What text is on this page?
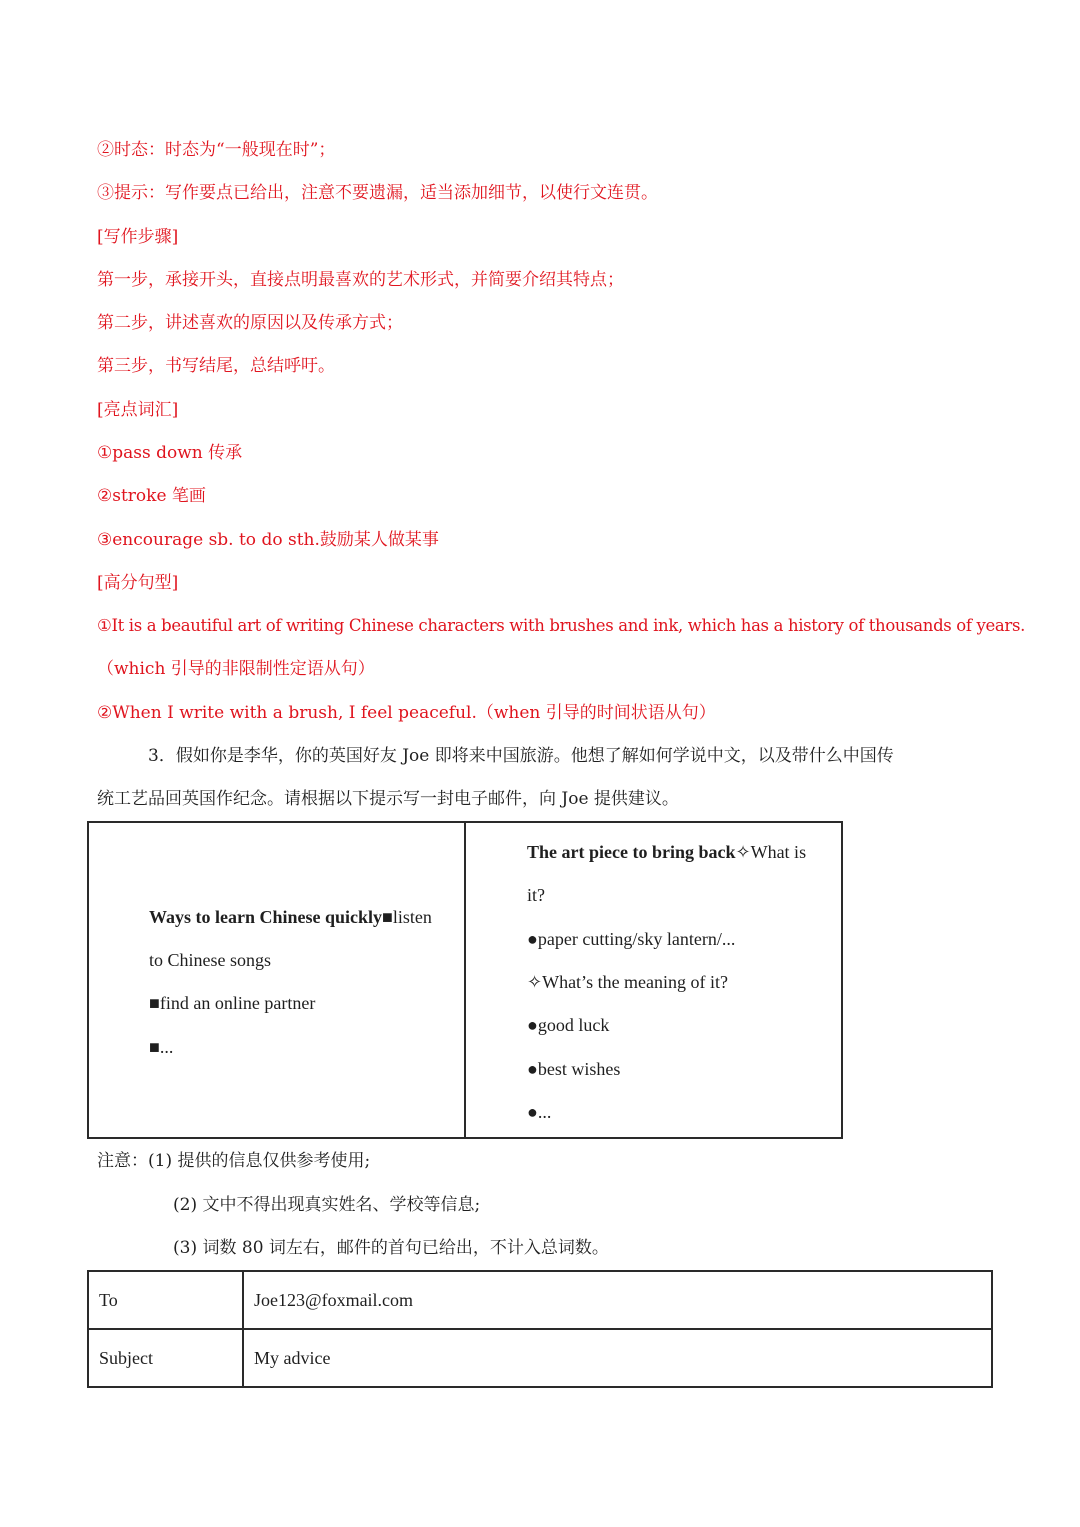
②时态：时态为“一般现在时”；
③提示：写作要点已给出，注意不要遗漏，适当添加细节，以使行文连贯。
[写作步骤]
第一步，承接开头，直接点明最喜欢的艺术形式，并简要介绍其特点；
第二步，讲述喜欢的原因以及传承方式；
第三步，书写结尾，总结呼吁。
[亮点词汇]
①pass down 传承
②stroke 笔画
③encourage sb. to do sth.鼓励某人做某事
[高分句型]
①It is a beautiful art of writing Chinese characters with brushes and ink, which has a history of thousands of years.
（which 引导的非限制性定语从句）
②When I write with a brush, I feel peaceful.（when 引导的时间状语从句）
3．假如你是李华，你的英国好友 Joe 即将来中国旅游。他想了解如何学说中文，以及带什么中国传
统工艺品回英国作纪念。请根据以下提示写一封电子邮件，向 Joe 提供建议。
Ways to learn Chinese quickly■listen
to Chinese songs
■find an online partner
■...

The art piece to bring back✧What is
it?
●paper cutting/sky lantern/...
✧What’s the meaning of it?
●good luck
●best wishes
●...
注意：(1) 提供的信息仅供参考使用;
(2) 文中不得出现真实姓名、学校等信息;
(3) 词数 80 词左右，邮件的首句已给出，不计入总词数。
To	Joe123@foxmail.com
Subject	My advice
